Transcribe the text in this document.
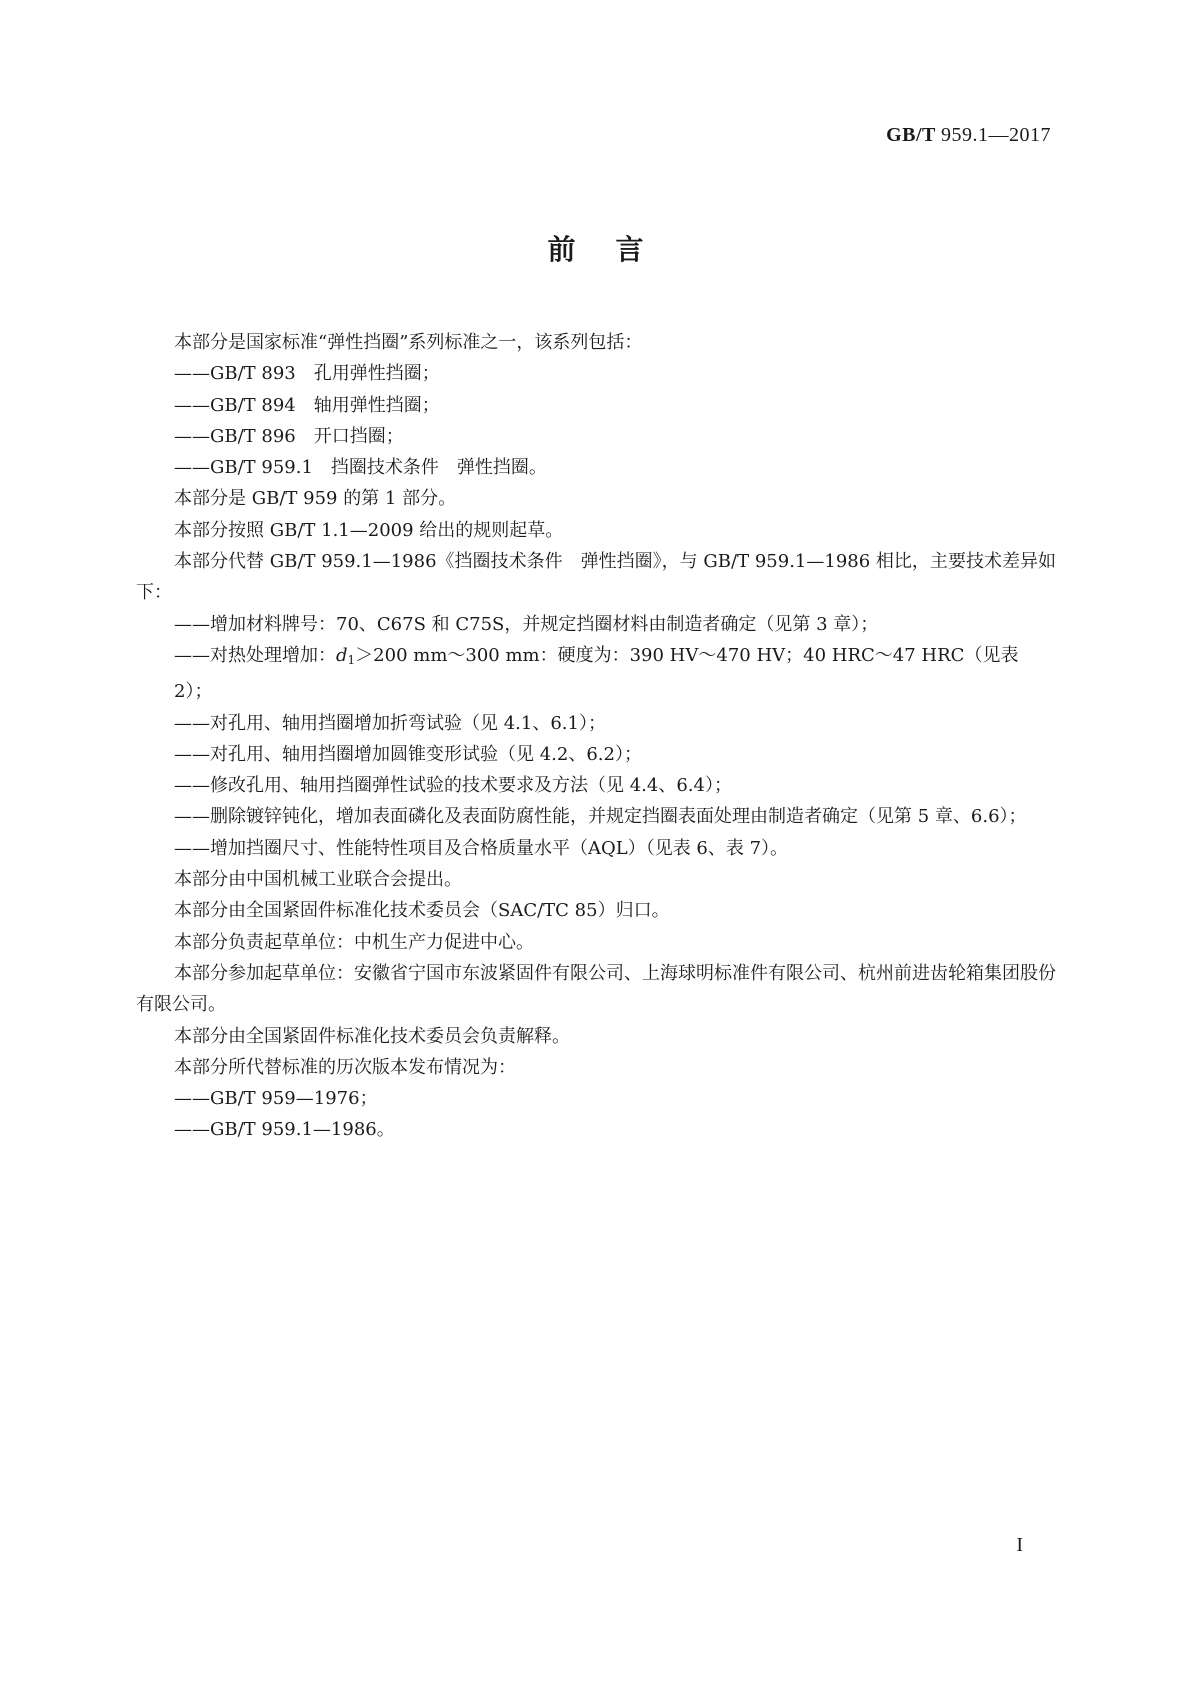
GB/T 959.1—2017
前言

本部分是国家标准“弹性挡圈”系列标准之一，该系列包括：

——GB/T 893　孔用弹性挡圈；

——GB/T 894　轴用弹性挡圈；

——GB/T 896　开口挡圈；

——GB/T 959.1　挡圈技术条件　弹性挡圈。

本部分是 GB/T 959 的第 1 部分。

本部分按照 GB/T 1.1—2009 给出的规则起草。

本部分代替 GB/T 959.1—1986《挡圈技术条件　弹性挡圈》，与 GB/T 959.1—1986 相比，主要技术差异如下：

——增加材料牌号：70、C67S 和 C75S，并规定挡圈材料由制造者确定（见第 3 章）；

——对热处理增加：$d_1>200$ mm～300 mm：硬度为：390 HV～470 HV；40 HRC～47 HRC（见表 2）；

——对孔用、轴用挡圈增加折弯试验（见 4.1、6.1）；

——对孔用、轴用挡圈增加圆锥变形试验（见 4.2、6.2）；

——修改孔用、轴用挡圈弹性试验的技术要求及方法（见 4.4、6.4）；

——删除镀锌钝化，增加表面磷化及表面防腐性能，并规定挡圈表面处理由制造者确定（见第 5 章、6.6）；

——增加挡圈尺寸、性能特性项目及合格质量水平（AQL）（见表 6、表 7）。

本部分由中国机械工业联合会提出。

本部分由全国紧固件标准化技术委员会（SAC/TC 85）归口。

本部分负责起草单位：中机生产力促进中心。

本部分参加起草单位：安徽省宁国市东波紧固件有限公司、上海球明标准件有限公司、杭州前进齿轮箱集团股份有限公司。

本部分由全国紧固件标准化技术委员会负责解释。

本部分所代替标准的历次版本发布情况为：

——GB/T 959—1976；

——GB/T 959.1—1986。

I
